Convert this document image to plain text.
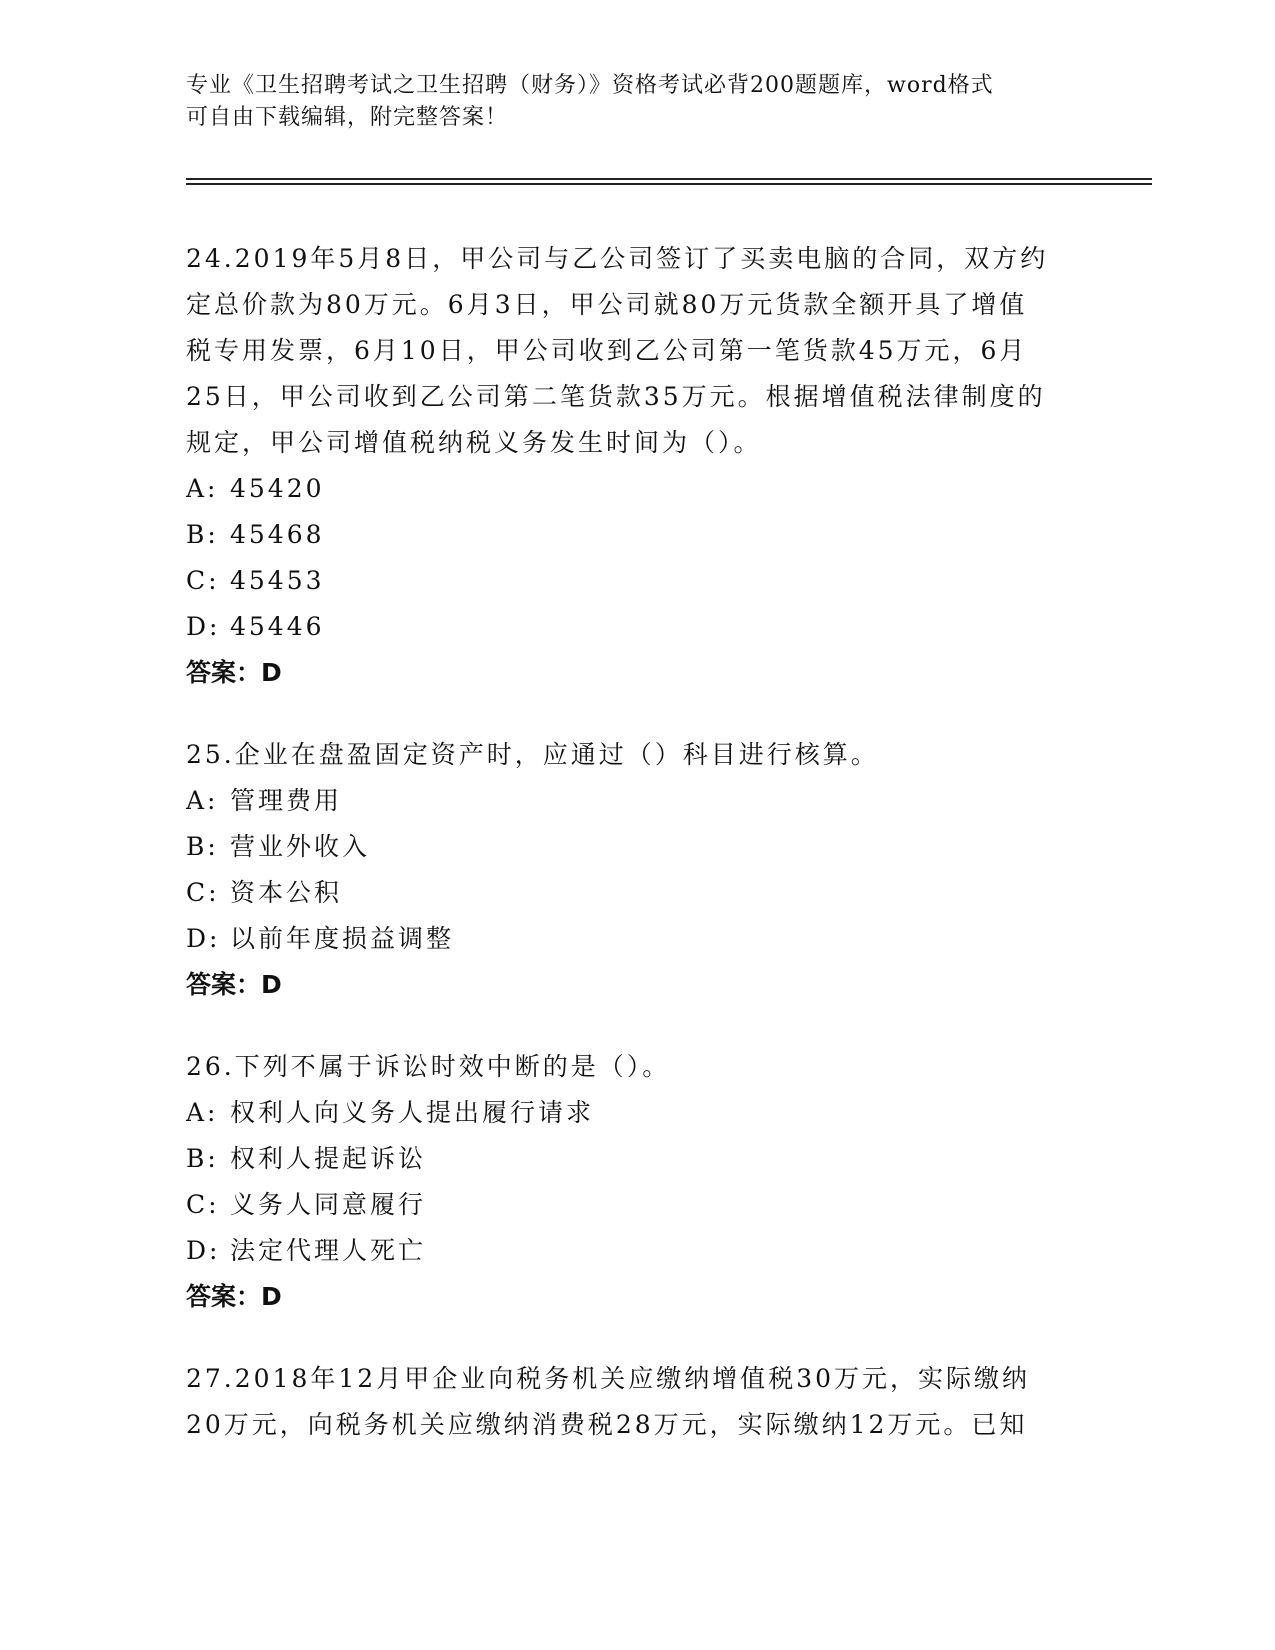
专业《卫生招聘考试之卫生招聘（财务）》资格考试必背200题题库，word格式
可自由下载编辑，附完整答案！

24.2019年5月8日，甲公司与乙公司签订了买卖电脑的合同，双方约
定总价款为80万元。6月3日，甲公司就80万元货款全额开具了增值
税专用发票，6月10日，甲公司收到乙公司第一笔货款45万元，6月
25日，甲公司收到乙公司第二笔货款35万元。根据增值税法律制度的
规定，甲公司增值税纳税义务发生时间为（）。

A: 45420
B: 45468
C: 45453
D: 45446
答案：D

25.企业在盘盈固定资产时，应通过（）科目进行核算。

A: 管理费用
B: 营业外收入
C: 资本公积
D: 以前年度损益调整
答案：D

26.下列不属于诉讼时效中断的是（）。

A: 权利人向义务人提出履行请求
B: 权利人提起诉讼
C: 义务人同意履行
D: 法定代理人死亡
答案：D

27.2018年12月甲企业向税务机关应缴纳增值税30万元，实际缴纳
20万元，向税务机关应缴纳消费税28万元，实际缴纳12万元。已知
